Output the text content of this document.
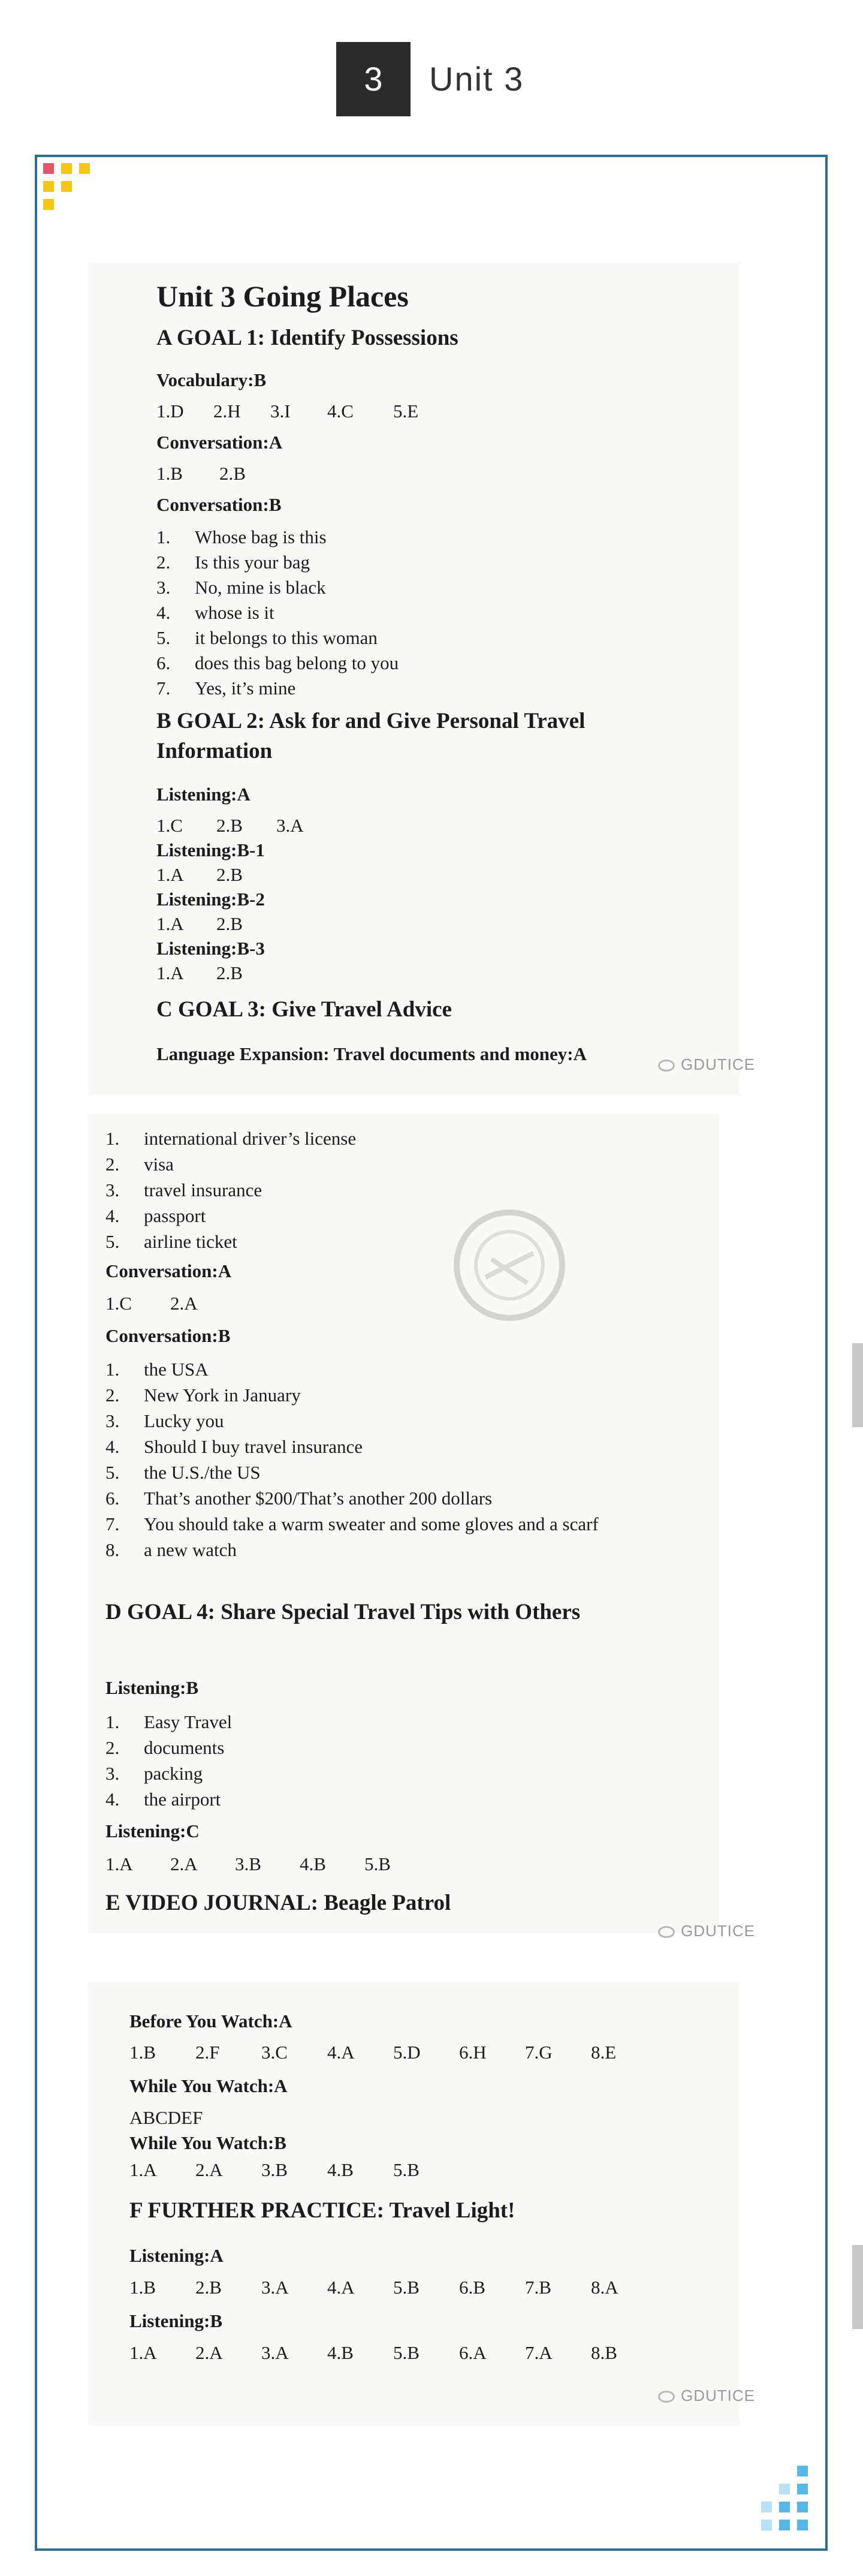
3	Unit 3
Unit 3 Going Places
A GOAL 1: Identify Possessions
Vocabulary:B
1.D 2.H 3.I 4.C 5.E
Conversation:A
1.B 2.B
Conversation:B
1.	Whose bag is this
2.	Is this your bag
3.	No, mine is black
4.	whose is it
5.	it belongs to this woman
6.	does this bag belong to you
7.	Yes, it’s mine
B GOAL 2: Ask for and Give Personal Travel Information
Listening:A
1.C 2.B 3.A
Listening:B-1
1.A 2.B
Listening:B-2
1.A 2.B
Listening:B-3
1.A 2.B
C GOAL 3: Give Travel Advice
Language Expansion: Travel documents and money:A	GDUTICE
1.	international driver’s license
2.	visa
3.	travel insurance
4.	passport
5.	airline ticket
Conversation:A
1.C 2.A
Conversation:B
1.	the USA
2.	New York in January
3.	Lucky you
4.	Should I buy travel insurance
5.	the U.S./the US
6.	That’s another $200/That’s another 200 dollars
7.	You should take a warm sweater and some gloves and a scarf
8.	a new watch
D GOAL 4: Share Special Travel Tips with Others
Listening:B
1.	Easy Travel
2.	documents
3.	packing
4.	the airport
Listening:C
1.A 2.A 3.B 4.B 5.B
E VIDEO JOURNAL: Beagle Patrol
GDUTICE
Before You Watch:A
1.B 2.F 3.C 4.A 5.D 6.H 7.G 8.E
While You Watch:A
ABCDEF
While You Watch:B
1.A 2.A 3.B 4.B 5.B
F FURTHER PRACTICE: Travel Light!
Listening:A
1.B 2.B 3.A 4.A 5.B 6.B 7.B 8.A
Listening:B
1.A 2.A 3.A 4.B 5.B 6.A 7.A 8.B
GDUTICE
